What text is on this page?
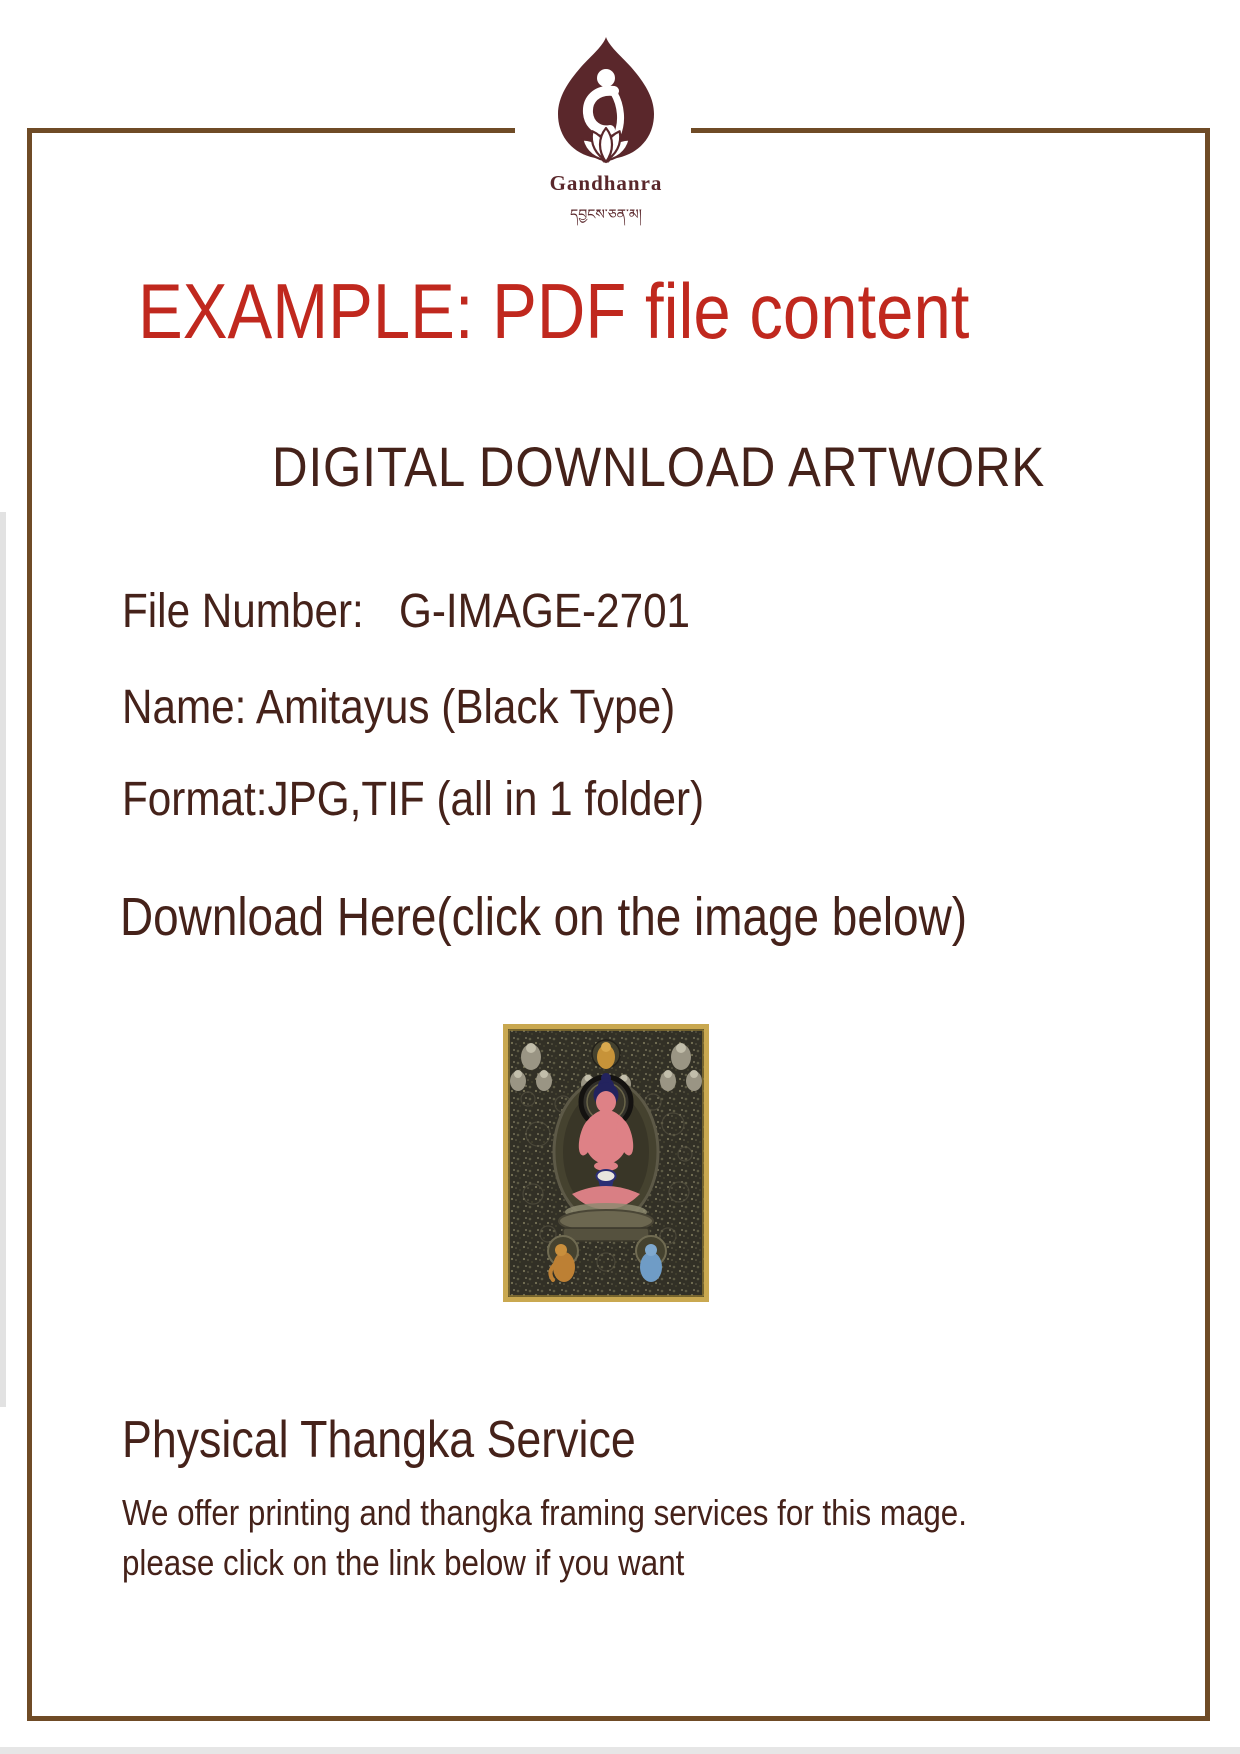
Gandhanra
དབྱངས་ཅན་མ།
EXAMPLE: PDF file content
DIGITAL DOWNLOAD ARTWORK
File Number: G-IMAGE-2701
Name: Amitayus (Black Type)
Format:JPG,TIF (all in 1 folder)
Download Here(click on the image below)
Physical Thangka Service
We offer printing and thangka framing services for this mage.
please click on the link below if you want
